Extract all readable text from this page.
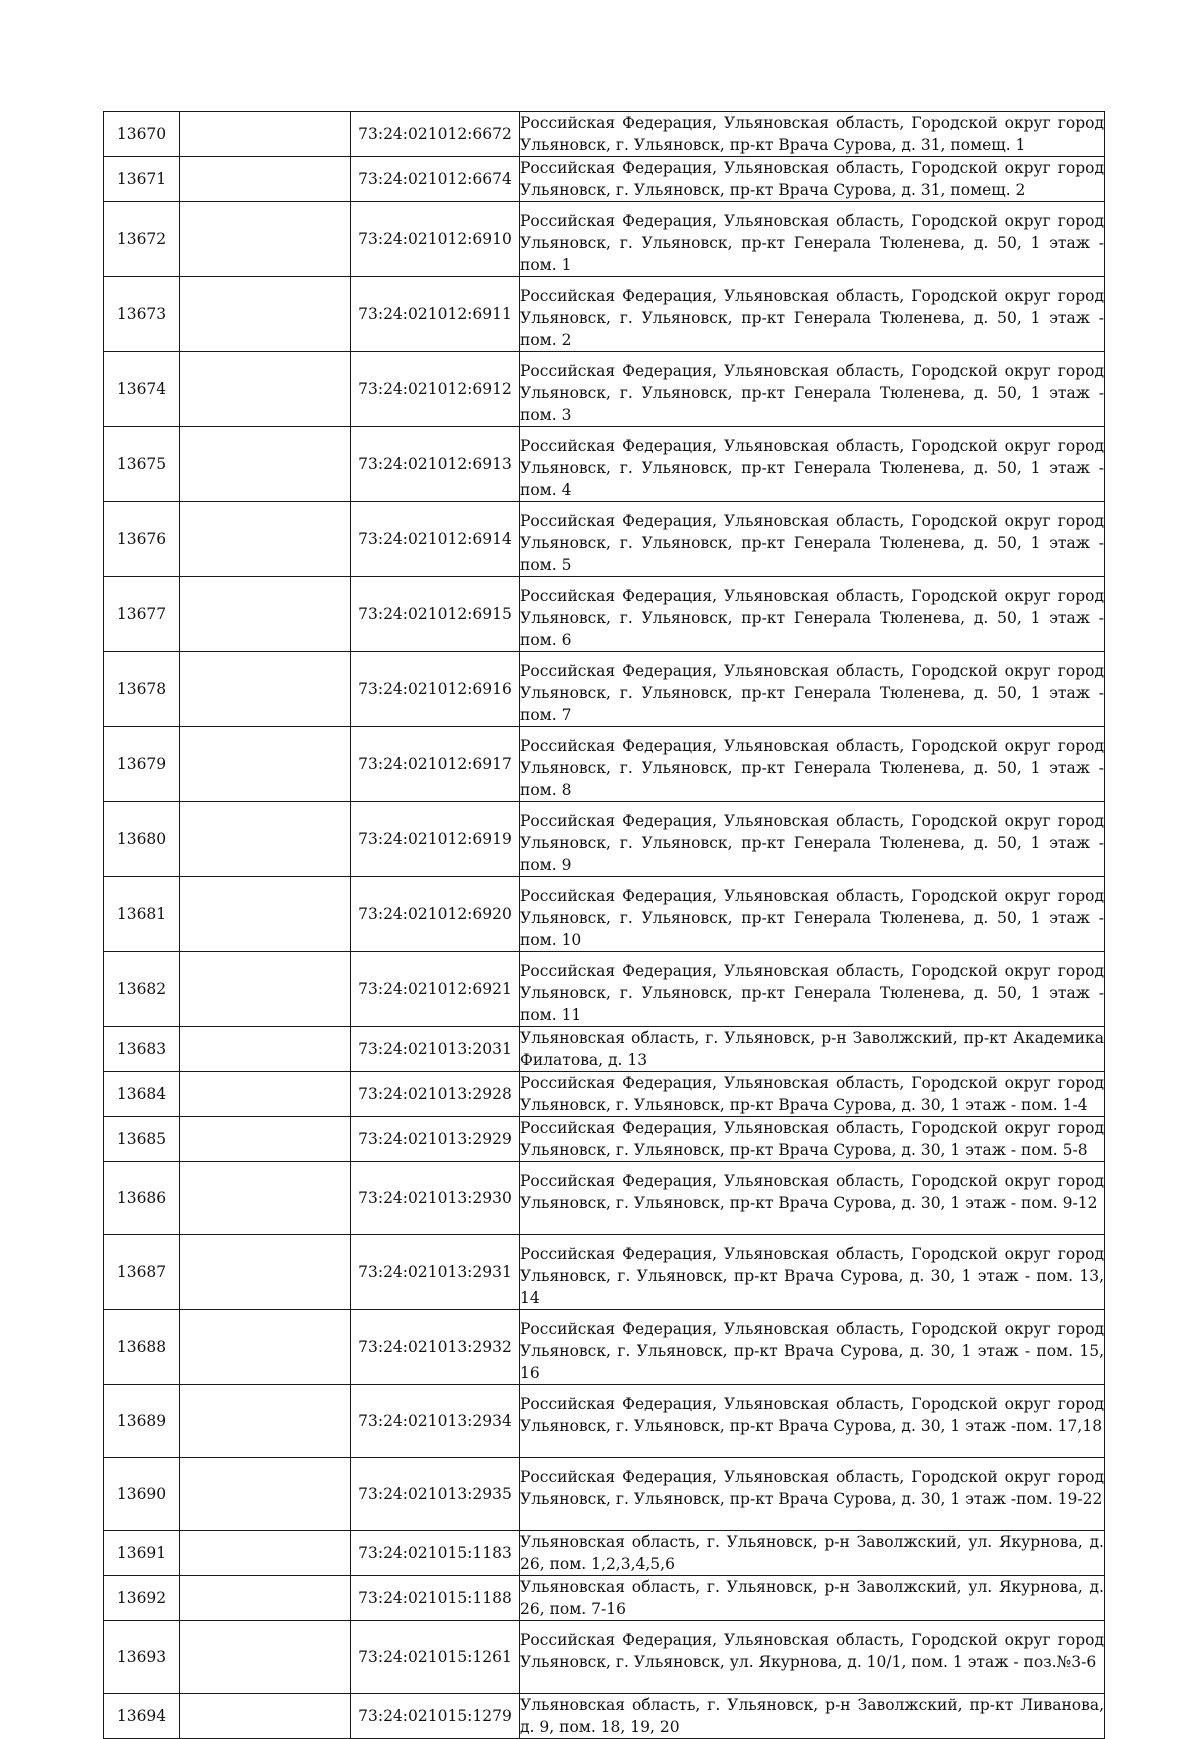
13670		73:24:021012:6672	Российская Федерация, Ульяновская область, Городской округ город Ульяновск, г. Ульяновск, пр-кт Врача Сурова, д. 31, помещ. 1
13671		73:24:021012:6674	Российская Федерация, Ульяновская область, Городской округ город Ульяновск, г. Ульяновск, пр-кт Врача Сурова, д. 31, помещ. 2
13672		73:24:021012:6910	Российская Федерация, Ульяновская область, Городской округ город Ульяновск, г. Ульяновск, пр-кт Генерала Тюленева, д. 50, 1 этаж - пом. 1
13673		73:24:021012:6911	Российская Федерация, Ульяновская область, Городской округ город Ульяновск, г. Ульяновск, пр-кт Генерала Тюленева, д. 50, 1 этаж - пом. 2
13674		73:24:021012:6912	Российская Федерация, Ульяновская область, Городской округ город Ульяновск, г. Ульяновск, пр-кт Генерала Тюленева, д. 50, 1 этаж - пом. 3
13675		73:24:021012:6913	Российская Федерация, Ульяновская область, Городской округ город Ульяновск, г. Ульяновск, пр-кт Генерала Тюленева, д. 50, 1 этаж - пом. 4
13676		73:24:021012:6914	Российская Федерация, Ульяновская область, Городской округ город Ульяновск, г. Ульяновск, пр-кт Генерала Тюленева, д. 50, 1 этаж - пом. 5
13677		73:24:021012:6915	Российская Федерация, Ульяновская область, Городской округ город Ульяновск, г. Ульяновск, пр-кт Генерала Тюленева, д. 50, 1 этаж - пом. 6
13678		73:24:021012:6916	Российская Федерация, Ульяновская область, Городской округ город Ульяновск, г. Ульяновск, пр-кт Генерала Тюленева, д. 50, 1 этаж - пом. 7
13679		73:24:021012:6917	Российская Федерация, Ульяновская область, Городской округ город Ульяновск, г. Ульяновск, пр-кт Генерала Тюленева, д. 50, 1 этаж - пом. 8
13680		73:24:021012:6919	Российская Федерация, Ульяновская область, Городской округ город Ульяновск, г. Ульяновск, пр-кт Генерала Тюленева, д. 50, 1 этаж - пом. 9
13681		73:24:021012:6920	Российская Федерация, Ульяновская область, Городской округ город Ульяновск, г. Ульяновск, пр-кт Генерала Тюленева, д. 50, 1 этаж - пом. 10
13682		73:24:021012:6921	Российская Федерация, Ульяновская область, Городской округ город Ульяновск, г. Ульяновск, пр-кт Генерала Тюленева, д. 50, 1 этаж - пом. 11
13683		73:24:021013:2031	Ульяновская область, г. Ульяновск, р-н Заволжский, пр-кт Академика Филатова, д. 13
13684		73:24:021013:2928	Российская Федерация, Ульяновская область, Городской округ город Ульяновск, г. Ульяновск, пр-кт Врача Сурова, д. 30, 1 этаж - пом. 1-4
13685		73:24:021013:2929	Российская Федерация, Ульяновская область, Городской округ город Ульяновск, г. Ульяновск, пр-кт Врача Сурова, д. 30, 1 этаж - пом. 5-8
13686		73:24:021013:2930	Российская Федерация, Ульяновская область, Городской округ город Ульяновск, г. Ульяновск, пр-кт Врача Сурова, д. 30, 1 этаж - пом. 9-12
13687		73:24:021013:2931	Российская Федерация, Ульяновская область, Городской округ город Ульяновск, г. Ульяновск, пр-кт Врача Сурова, д. 30, 1 этаж - пом. 13, 14
13688		73:24:021013:2932	Российская Федерация, Ульяновская область, Городской округ город Ульяновск, г. Ульяновск, пр-кт Врача Сурова, д. 30, 1 этаж - пом. 15, 16
13689		73:24:021013:2934	Российская Федерация, Ульяновская область, Городской округ город Ульяновск, г. Ульяновск, пр-кт Врача Сурова, д. 30, 1 этаж -пом. 17,18
13690		73:24:021013:2935	Российская Федерация, Ульяновская область, Городской округ город Ульяновск, г. Ульяновск, пр-кт Врача Сурова, д. 30, 1 этаж -пом. 19-22
13691		73:24:021015:1183	Ульяновская область, г. Ульяновск, р-н Заволжский, ул. Якурнова, д. 26, пом. 1,2,3,4,5,6
13692		73:24:021015:1188	Ульяновская область, г. Ульяновск, р-н Заволжский, ул. Якурнова, д. 26, пом. 7-16
13693		73:24:021015:1261	Российская Федерация, Ульяновская область, Городской округ город Ульяновск, г. Ульяновск, ул. Якурнова, д. 10/1, пом. 1 этаж - поз.№3-6
13694		73:24:021015:1279	Ульяновская область, г. Ульяновск, р-н Заволжский, пр-кт Ливанова, д. 9, пом. 18, 19, 20
